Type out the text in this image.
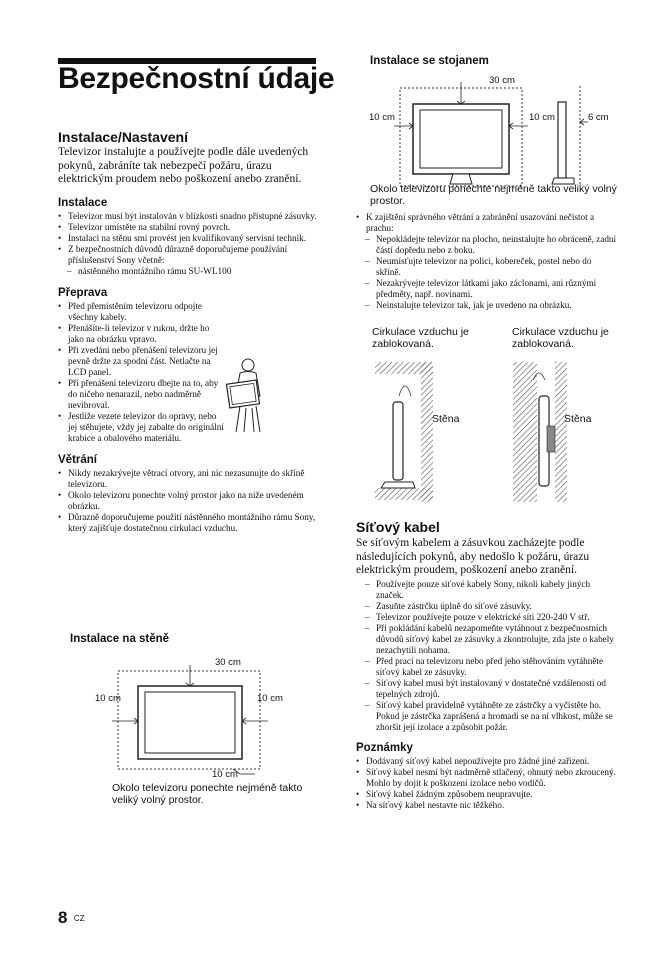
Bezpečnostní údaje

Instalace/Nastavení

Televizor instalujte a používejte podle dále uvedených pokynů, zabráníte tak nebezpečí požáru, úrazu elektrickým proudem nebo poškození anebo zranění.

Instalace

• Televizor musí být instalován v blízkosti snadno přístupné zásuvky.
• Televizor umístěte na stabilní rovný povrch.
• Instalaci na stěnu smí provést jen kvalifikovaný servisní technik.
• Z bezpečnostních důvodů důrazně doporučujeme používání příslušenství Sony včetně:
– nástěnného montážního rámu SU-WL100

Přeprava

• Před přemístěním televizoru odpojte všechny kabely.
• Přenášíte-li televizor v rukou, držte ho jako na obrázku vpravo.
• Při zvedání nebo přenášení televizoru jej pevně držte za spodní část. Netlačte na LCD panel.
• Při přenášení televizoru dbejte na to, aby do ničeho nenarazil, nebo nadměrně nevibroval.
• Jestliže vezete televizor do opravy, nebo jej stěhujete, vždy jej zabalte do originální krabice a obalového materiálu.

Větrání

• Nikdy nezakrývejte větrací otvory, ani nic nezasunujte do skříně televizoru.
• Okolo televizoru ponechte volný prostor jako na níže uvedeném obrázku.
• Důrazně doporučujeme použití nástěnného montážního rámu Sony, který zajišťuje dostatečnou cirkulaci vzduchu.

Instalace na stěně

30 cm
10 cm	10 cm
10 cm
Okolo televizoru ponechte nejméně takto veliký volný prostor.

Instalace se stojanem

30 cm
10 cm	10 cm	6 cm
Okolo televizoru ponechte nejméně takto veliký volný prostor.
• K zajištění správného větrání a zabránění usazování nečistot a prachu:
– Nepokládejte televizor na plocho, neinstalujte ho obráceně, zadní částí dopředu nebo z boku.
– Neumísťujte televizor na polici, kobereček, postel nebo do skříně.
– Nezakrývejte televizor látkami jako záclonami, ani různými předměty, např. novinami.
– Neinstalujte televizor tak, jak je uvedeno na obrázku.
Cirkulace vzduchu je zablokovaná.
Cirkulace vzduchu je zablokovaná.
Stěna	Stěna

Síťový kabel

Se síťovým kabelem a zásuvkou zacházejte podle následujících pokynů, aby nedošlo k požáru, úrazu elektrickým proudem, poškození anebo zranění.

– Používejte pouze síťové kabely Sony, nikoli kabely jiných značek.
– Zasuňte zástrčku úplně do síťové zásuvky.
– Televizor používejte pouze v elektrické síti 220-240 V stř.
– Při pokládání kabelů nezapomeňte vytáhnout z bezpečnostních důvodů síťový kabel ze zásuvky a zkontrolujte, zda jste o kabely nezachytili nohama.
– Před prací na televizoru nebo před jeho stěhováním vytáhněte síťový kabel ze zásuvky.
– Síťový kabel musí být instalovaný v dostatečné vzdálenosti od tepelných zdrojů.
– Síťový kabel pravidelně vytáhněte ze zástrčky a vyčistěte ho. Pokud je zástrčka zaprášená a hromadí se na ní vlhkost, může se zhoršit její izolace a způsobit požár.

Poznámky

• Dodávaný síťový kabel nepoužívejte pro žádné jiné zařízení.
• Síťový kabel nesmí být nadměrně stlačený, ohnutý nebo zkroucený. Mohlo by dojít k poškození izolace nebo vodičů.
• Síťový kabel žádným způsobem neupravujte.
• Na síťový kabel nestavte nic těžkého.
8 CZ
